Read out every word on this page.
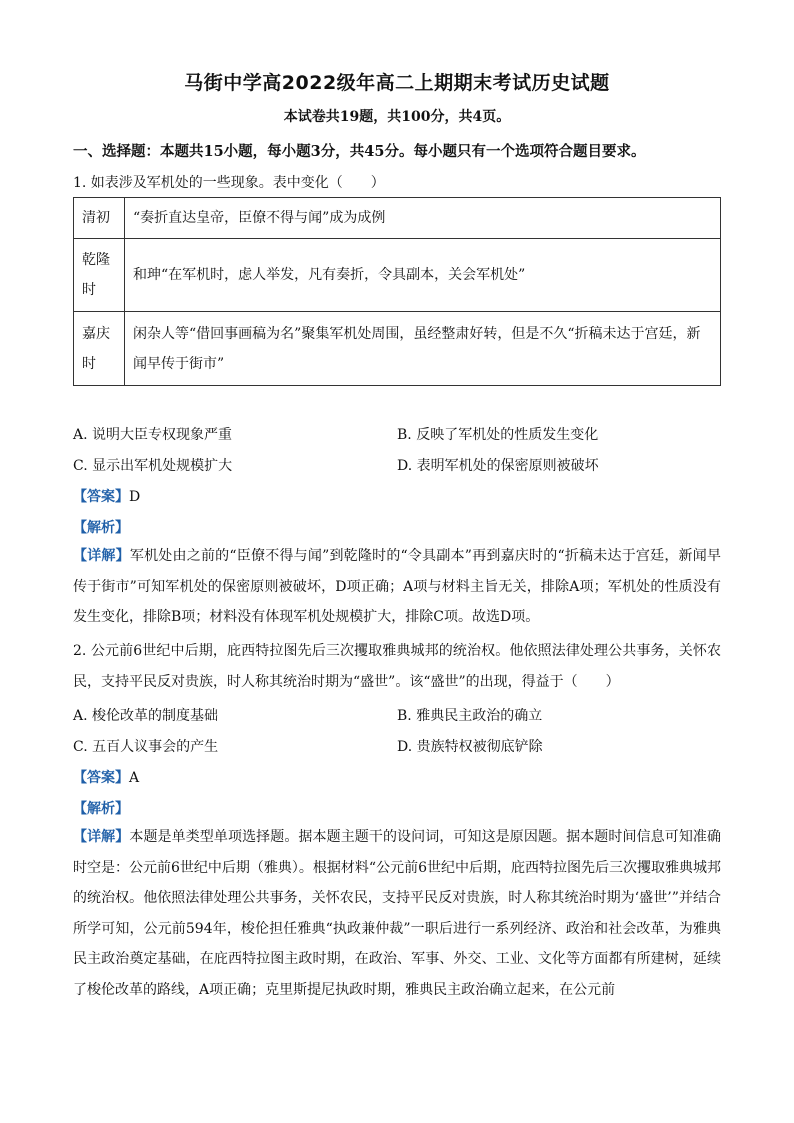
马街中学高2022级年高二上期期末考试历史试题
本试卷共19题，共100分，共4页。
一、选择题：本题共15小题，每小题3分，共45分。每小题只有一个选项符合题目要求。
1. 如表涉及军机处的一些现象。表中变化（　　）
清初	“奏折直达皇帝，臣僚不得与闻”成为成例
乾隆时	和珅“在军机时，虑人举发，凡有奏折，令具副本，关会军机处”
嘉庆时	闲杂人等“借回事画稿为名”聚集军机处周围，虽经整肃好转，但是不久“折稿未达于宫廷，新闻早传于街市”
A. 说明大臣专权现象严重	B. 反映了军机处的性质发生变化
C. 显示出军机处规模扩大	D. 表明军机处的保密原则被破坏
【答案】D
【解析】
【详解】军机处由之前的“臣僚不得与闻”到乾隆时的“令具副本”再到嘉庆时的“折稿未达于宫廷，新闻早传于街市”可知军机处的保密原则被破坏，D项正确；A项与材料主旨无关，排除A项；军机处的性质没有发生变化，排除B项；材料没有体现军机处规模扩大，排除C项。故选D项。
2. 公元前6世纪中后期，庇西特拉图先后三次攫取雅典城邦的统治权。他依照法律处理公共事务，关怀农民，支持平民反对贵族，时人称其统治时期为“盛世”。该“盛世”的出现，得益于（　　）
A. 梭伦改革的制度基础	B. 雅典民主政治的确立
C. 五百人议事会的产生	D. 贵族特权被彻底铲除
【答案】A
【解析】
【详解】本题是单类型单项选择题。据本题主题干的设问词，可知这是原因题。据本题时间信息可知准确时空是：公元前6世纪中后期（雅典）。根据材料“公元前6世纪中后期，庇西特拉图先后三次攫取雅典城邦的统治权。他依照法律处理公共事务，关怀农民，支持平民反对贵族，时人称其统治时期为‘盛世’”并结合所学可知，公元前594年，梭伦担任雅典“执政兼仲裁”一职后进行一系列经济、政治和社会改革，为雅典民主政治奠定基础，在庇西特拉图主政时期，在政治、军事、外交、工业、文化等方面都有所建树，延续了梭伦改革的路线，A项正确；克里斯提尼执政时期，雅典民主政治确立起来，在公元前
